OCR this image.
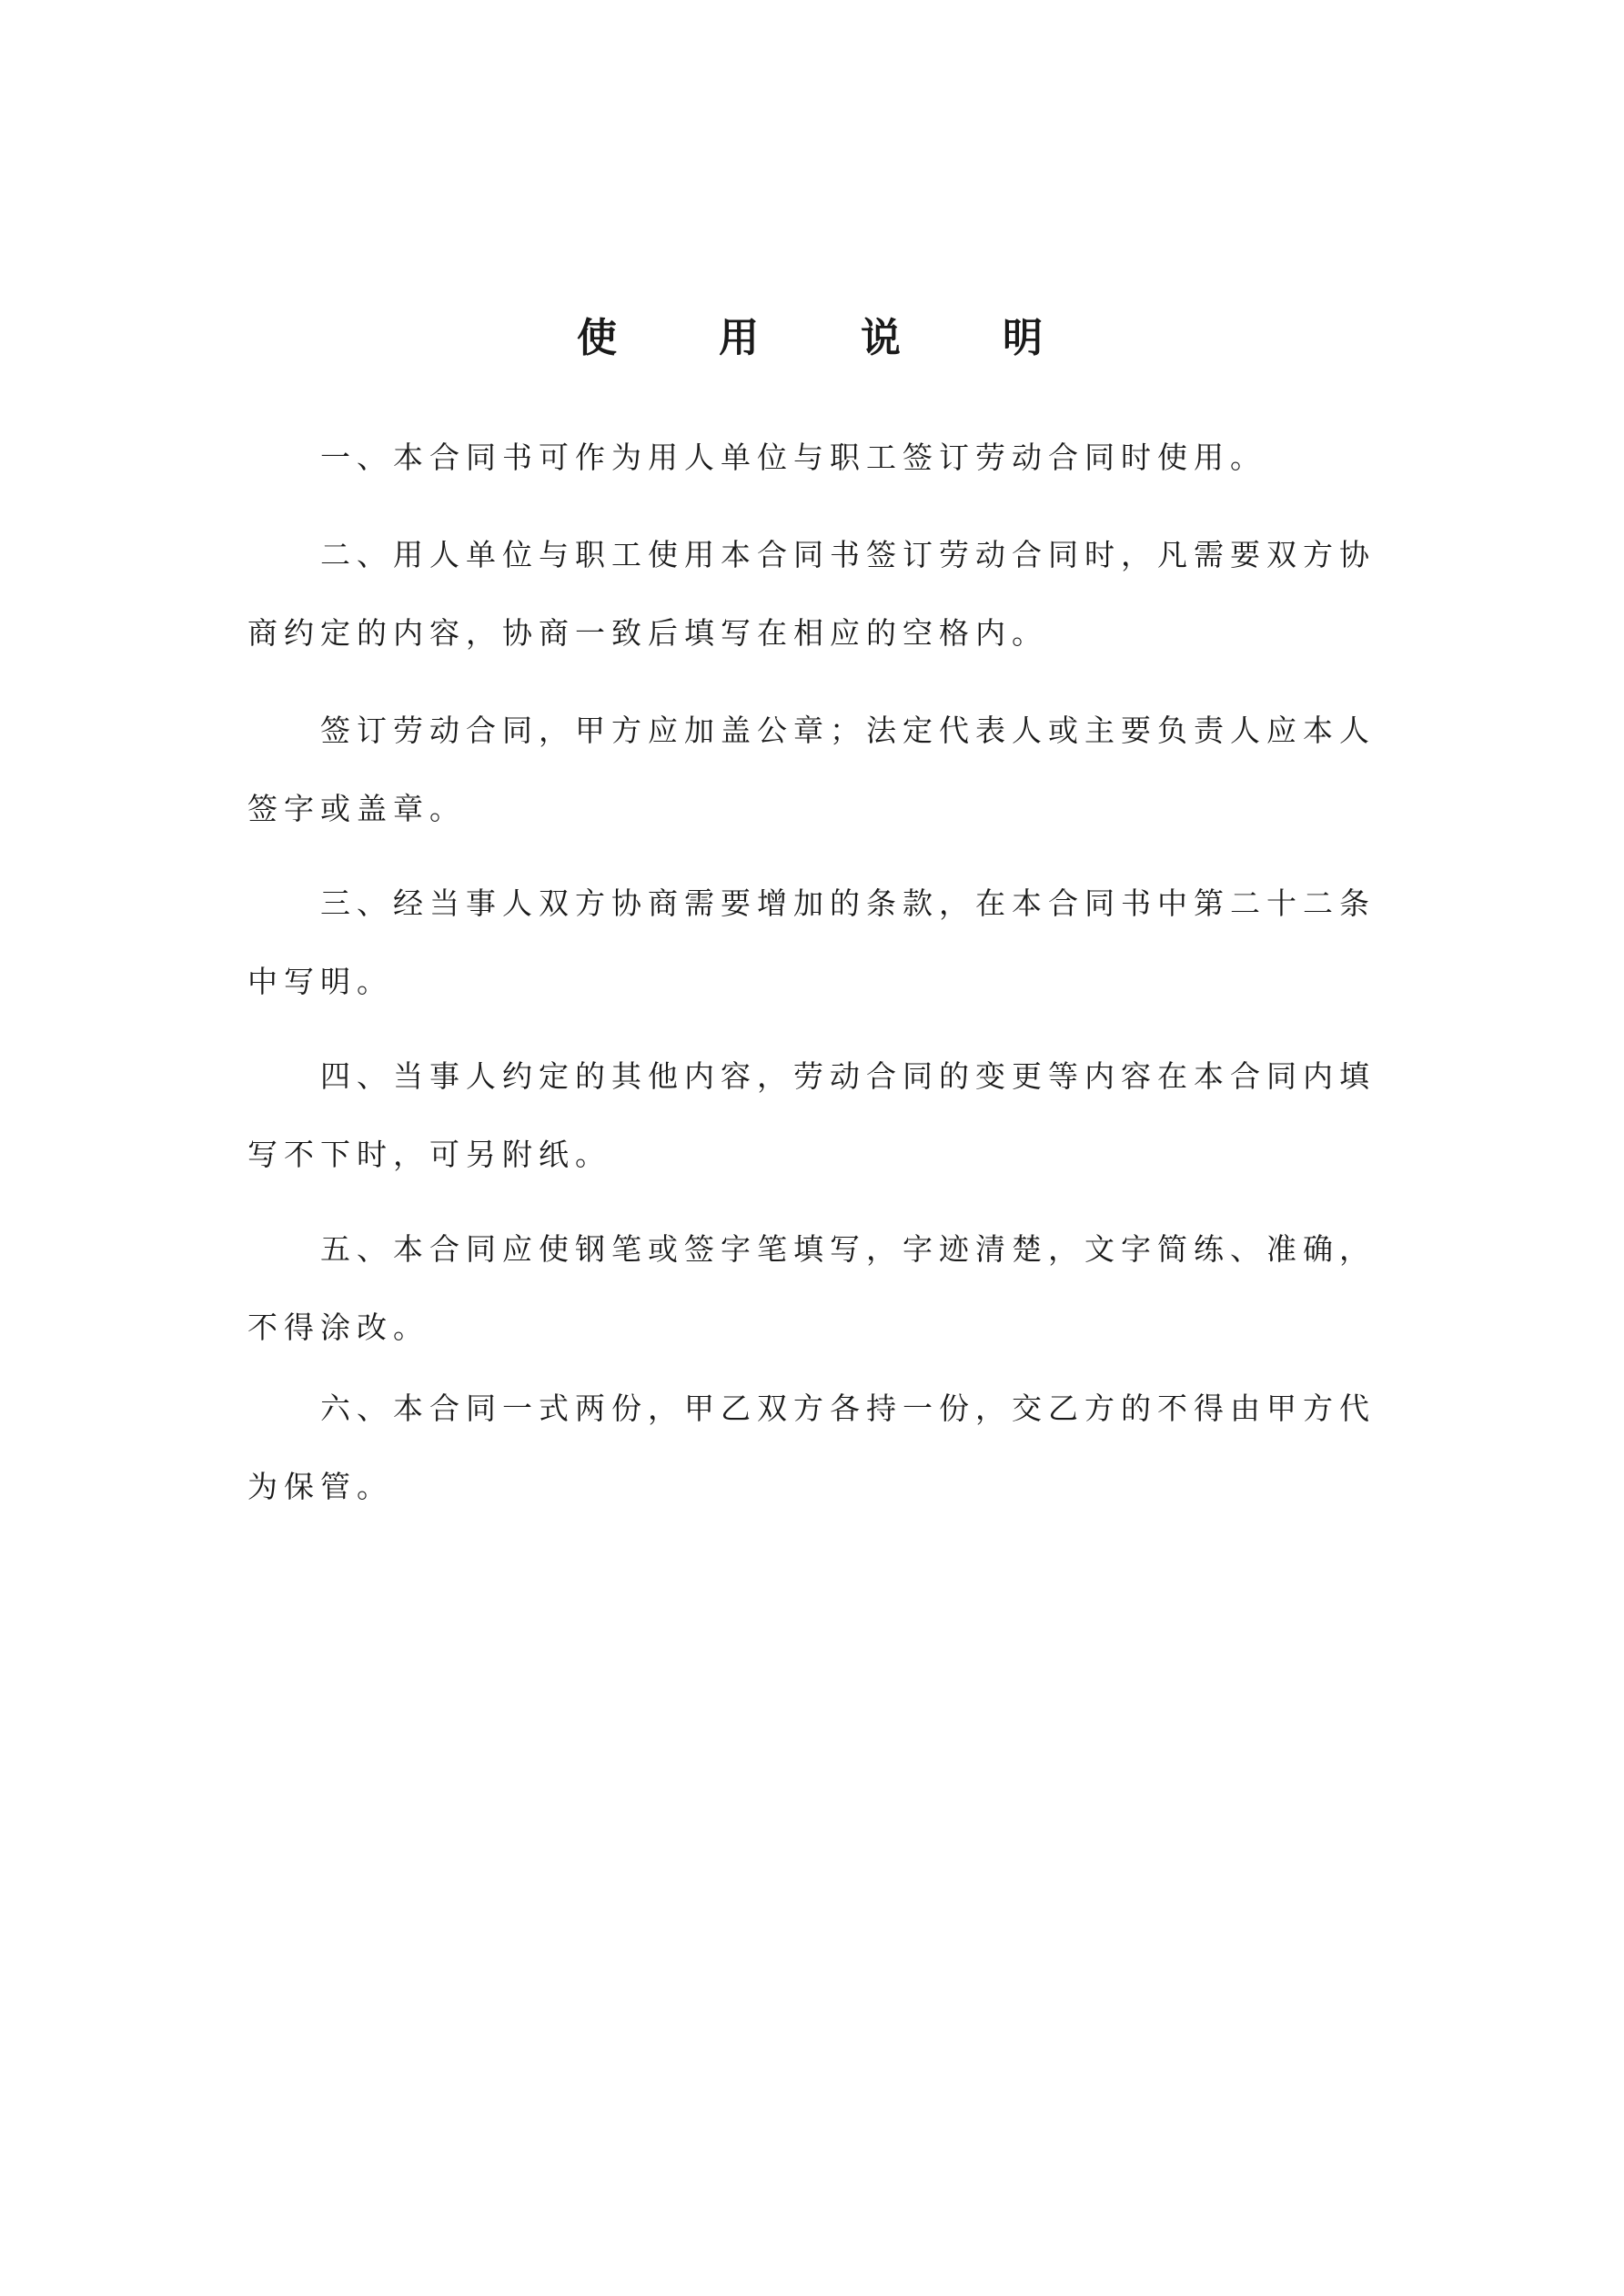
使用说明

一、本合同书可作为用人单位与职工签订劳动合同时使用。

二、用人单位与职工使用本合同书签订劳动合同时，凡需要双方协商约定的内容，协商一致后填写在相应的空格内。

签订劳动合同，甲方应加盖公章；法定代表人或主要负责人应本人签字或盖章。

三、经当事人双方协商需要增加的条款，在本合同书中第二十二条中写明。

四、当事人约定的其他内容，劳动合同的变更等内容在本合同内填写不下时，可另附纸。

五、本合同应使钢笔或签字笔填写，字迹清楚，文字简练、准确，不得涂改。

六、本合同一式两份，甲乙双方各持一份，交乙方的不得由甲方代为保管。
